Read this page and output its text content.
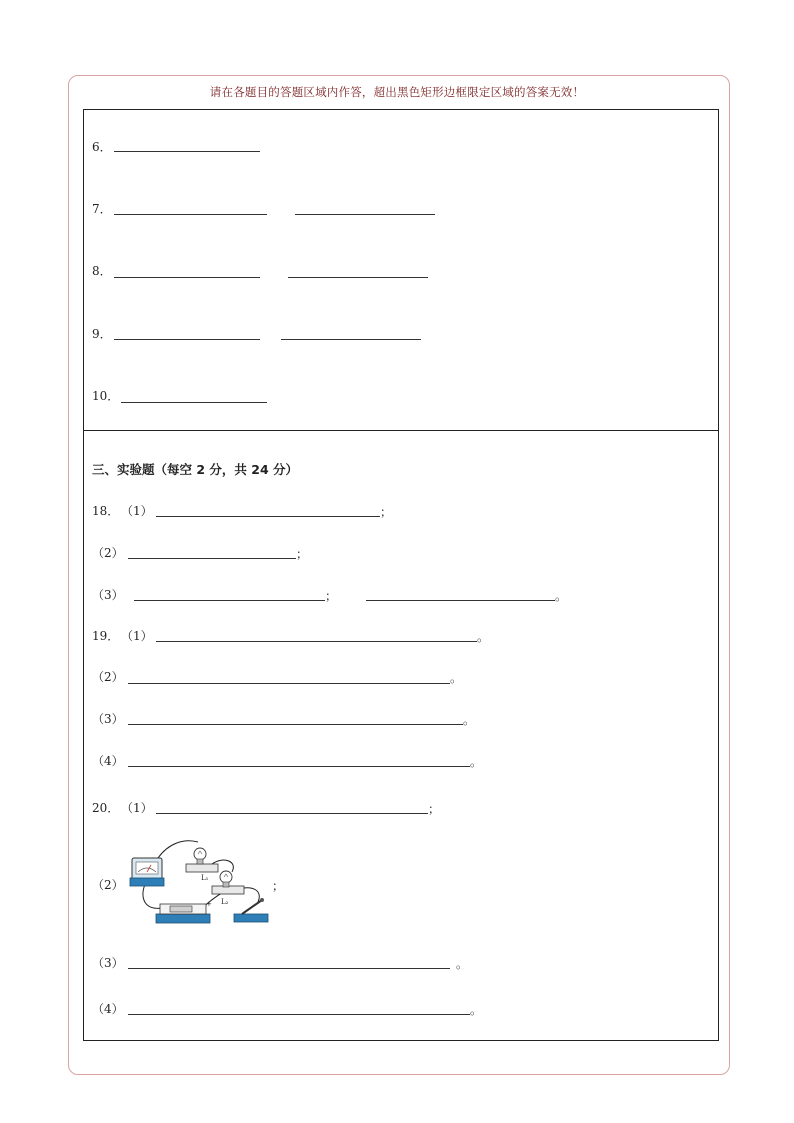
请在各题目的答题区域内作答，超出黑色矩形边框限定区域的答案无效！
6．
7．
8．
9．
10．
三、实验题（每空 2 分，共 24 分）
18． （1）	；
（2）	；
（3）	；	。
19． （1）	。
（2）	。
（3）	。
（4）	。
20． （1）	；
（2）	L₁
L₂
+
；
（3）	。
（4）	。
